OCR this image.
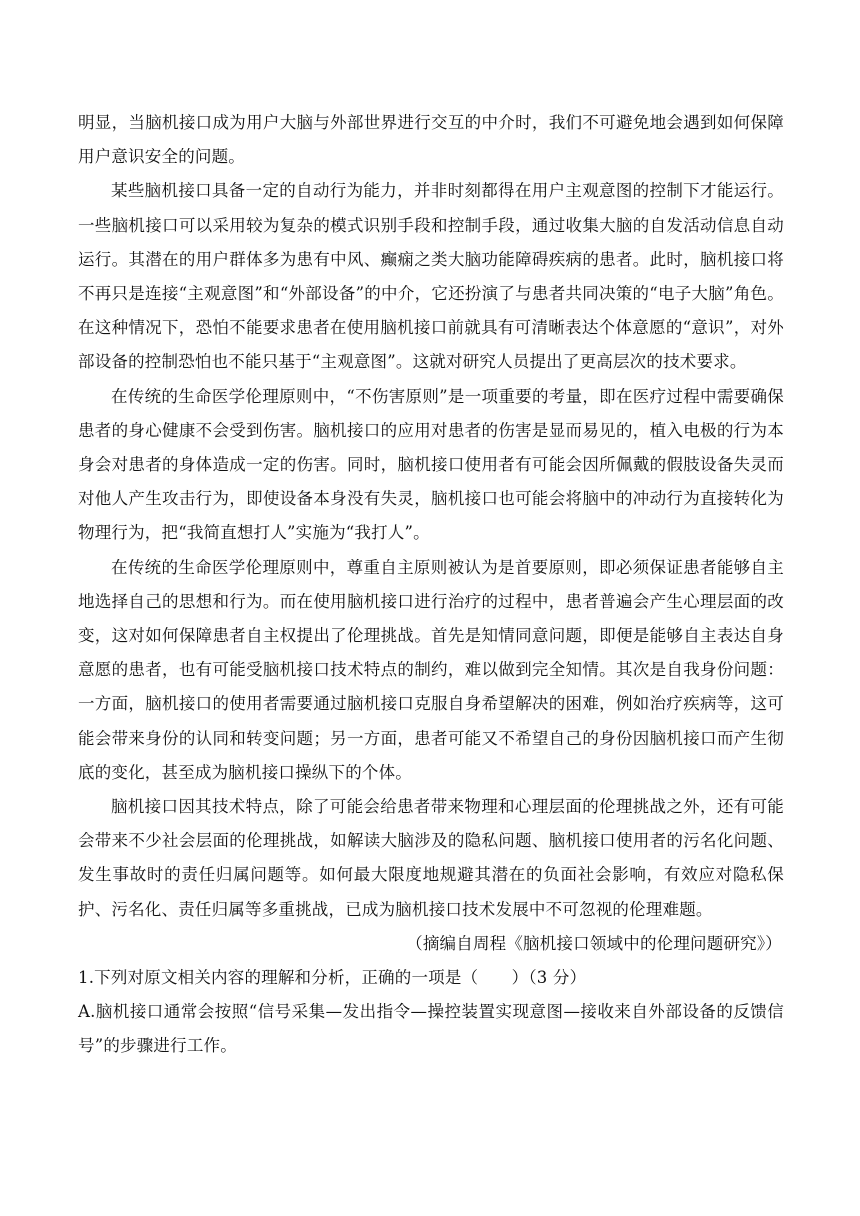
明显，当脑机接口成为用户大脑与外部世界进行交互的中介时，我们不可避免地会遇到如何保障用户意识安全的问题。

某些脑机接口具备一定的自动行为能力，并非时刻都得在用户主观意图的控制下才能运行。一些脑机接口可以采用较为复杂的模式识别手段和控制手段，通过收集大脑的自发活动信息自动运行。其潜在的用户群体多为患有中风、癫痫之类大脑功能障碍疾病的患者。此时，脑机接口将不再只是连接“主观意图”和“外部设备”的中介，它还扮演了与患者共同决策的“电子大脑”角色。在这种情况下，恐怕不能要求患者在使用脑机接口前就具有可清晰表达个体意愿的“意识”，对外部设备的控制恐怕也不能只基于“主观意图”。这就对研究人员提出了更高层次的技术要求。

在传统的生命医学伦理原则中，“不伤害原则”是一项重要的考量，即在医疗过程中需要确保患者的身心健康不会受到伤害。脑机接口的应用对患者的伤害是显而易见的，植入电极的行为本身会对患者的身体造成一定的伤害。同时，脑机接口使用者有可能会因所佩戴的假肢设备失灵而对他人产生攻击行为，即使设备本身没有失灵，脑机接口也可能会将脑中的冲动行为直接转化为物理行为，把“我简直想打人”实施为“我打人”。

在传统的生命医学伦理原则中，尊重自主原则被认为是首要原则，即必须保证患者能够自主地选择自己的思想和行为。而在使用脑机接口进行治疗的过程中，患者普遍会产生心理层面的改变，这对如何保障患者自主权提出了伦理挑战。首先是知情同意问题，即便是能够自主表达自身意愿的患者，也有可能受脑机接口技术特点的制约，难以做到完全知情。其次是自我身份问题：一方面，脑机接口的使用者需要通过脑机接口克服自身希望解决的困难，例如治疗疾病等，这可能会带来身份的认同和转变问题；另一方面，患者可能又不希望自己的身份因脑机接口而产生彻底的变化，甚至成为脑机接口操纵下的个体。

脑机接口因其技术特点，除了可能会给患者带来物理和心理层面的伦理挑战之外，还有可能会带来不少社会层面的伦理挑战，如解读大脑涉及的隐私问题、脑机接口使用者的污名化问题、发生事故时的责任归属问题等。如何最大限度地规避其潜在的负面社会影响，有效应对隐私保护、污名化、责任归属等多重挑战，已成为脑机接口技术发展中不可忽视的伦理难题。

（摘编自周程《脑机接口领域中的伦理问题研究》）

1.下列对原文相关内容的理解和分析，正确的一项是（　　）（3 分）

A.脑机接口通常会按照“信号采集—发出指令—操控装置实现意图—接收来自外部设备的反馈信号”的步骤进行工作。
